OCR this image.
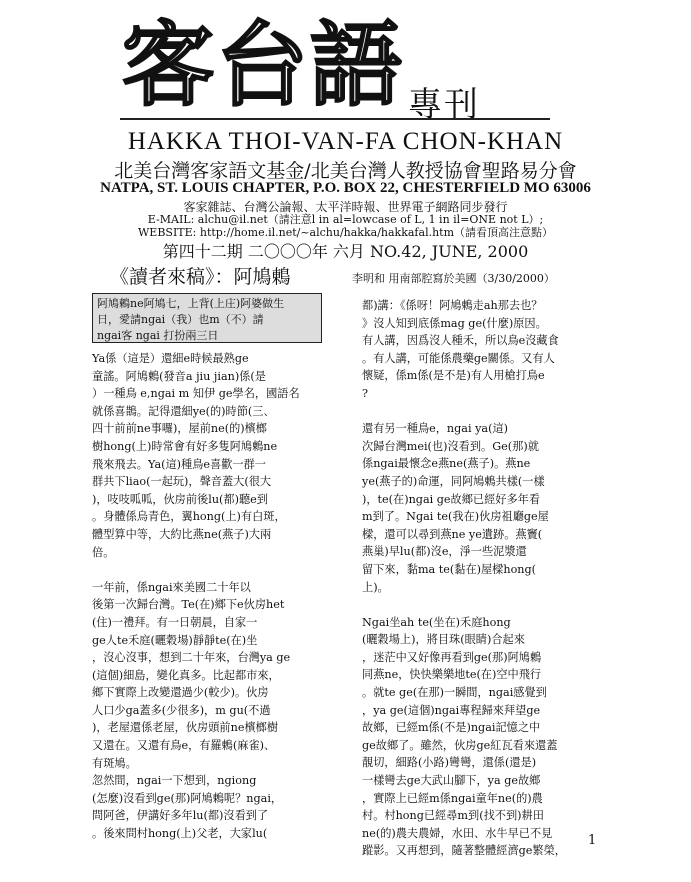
客台語 專刊
HAKKA THOI-VAN-FA CHON-KHAN
北美台灣客家語文基金/北美台灣人教授協會聖路易分會
NATPA, ST. LOUIS CHAPTER, P.O. BOX 22, CHESTERFIELD MO 63006
客家雜誌、台灣公論報、太平洋時報、世界電子網路同步發行
E-MAIL: alchu@il.net（請注意l in al=lowcase of L, 1 in il=ONE not L）;
WEBSITE: http://home.il.net/~alchu/hakka/hakkafal.htm（請看頂高注意點）
第四十二期 二〇〇〇年 六月 NO.42, JUNE, 2000
《讀者來稿》：阿鳩鶇	李明和 用南部腔寫於美國（3/30/2000）
阿鳩鶇ne阿鳩七，上背(上庄)阿婆做生
日，愛請ngai（我）也m（不）請
ngai客 ngai 打扮兩三日

Ya係（這是）還細e時候最熟ge

童謠。阿鳩鶇(發音a jiu jian)係(是

）一種鳥 e,ngai m 知伊 ge學名，國語名

就係喜鵲。記得還細ye(的)時節(三、

四十前前ne事囉)，屋前ne(的)檳榔

樹hong(上)時常會有好多隻阿鳩鶇ne

飛來飛去。Ya(這)種鳥e喜歡一群一

群共下liao(一起玩)，聲音蓋大(很大

)，吱吱呱呱，伙房前後lu(都)聽e到

。身體係烏青色，翼hong(上)有白斑，

體型算中等，大約比燕ne(燕子)大兩

倍。

一年前，係ngai來美國二十年以

後第一次歸台灣。Te(在)鄉下e伙房het

(住)一禮拜。有一日朝晨，自家一

ge人te禾庭(曬穀場)靜靜te(在)坐

，沒心沒事，想到二十年來，台灣ya ge

(這個)細島，變化真多。比起都市來，

鄉下實際上改變還過少(較少)。伙房

人口少ga蓋多(少很多)，m gu(不過

)，老屋還係老屋，伙房頭前ne檳榔樹

又還在。又還有鳥e，有羅鶇(麻雀)、

有斑鳩。

忽然間，ngai一下想到，ngiong

(怎麼)沒看到ge(那)阿鳩鶇呢？ngai，

問阿爸，伊講好多年lu(都)沒看到了

。後來問村hong(上)父老，大家lu(

都)講：《係呀！阿鳩鶇走ah那去也？

》沒人知到底係mag ge(什麼)原因。

有人講，因爲沒人種禾，所以鳥e沒藏食

。有人講，可能係農藥ge關係。又有人

懷疑，係m係(是不是)有人用槍打鳥e

?

還有另一種鳥e，ngai ya(這)

次歸台灣mei(也)沒看到。Ge(那)就

係ngai最懷念e燕ne(燕子)。燕ne

ye(燕子的)命運，同阿鳩鶇共樣(一樣

)，te(在)ngai ge故鄉已經好多年看

m到了。Ngai te(我在)伙房祖廳ge屋

樑，還可以尋到燕ne ye遺跡。燕竇(

燕巢)早lu(都)沒e，淨一些泥漿還

留下來，黏ma te(黏在)屋樑hong(

上)。

Ngai坐ah te(坐在)禾庭hong

(曬穀場上)，將目珠(眼睛)合起來

，迷茫中又好像再看到ge(那)阿鳩鶇

同燕ne，快快樂樂地te(在)空中飛行

。就te ge(在那)一瞬間，ngai感覺到

，ya ge(這個)ngai專程歸來拜望ge

故鄉，已經m係(不是)ngai記憶之中

ge故鄉了。雖然，伙房ge紅瓦看來還蓋

靚切，細路(小路)彎彎，還係(還是)

一樣彎去ge大武山腳下，ya ge故鄉

，實際上已經m係ngai童年ne(的)農

村。村hong已經尋m到(找不到)耕田

ne(的)農夫農婦，水田、水牛早已不見

蹤影。又再想到，隨著整體經濟ge繁榮，

1
